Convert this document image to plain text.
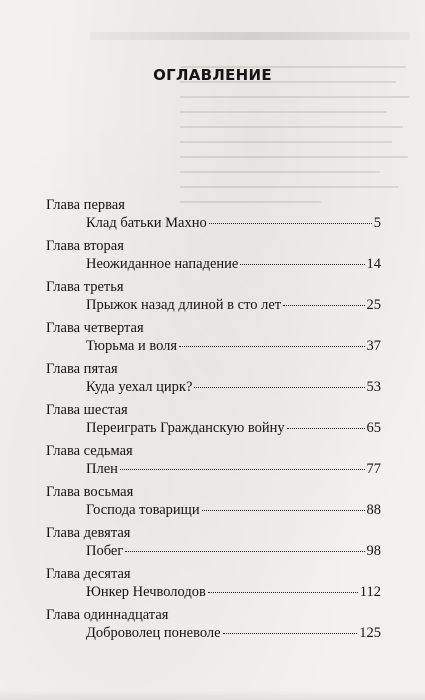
ОГЛАВЛЕНИЕ
Глава первая
Клад батьки Махно	5
Глава вторая
Неожиданное нападение	14
Глава третья
Прыжок назад длиной в сто лет	25
Глава четвертая
Тюрьма и воля	37
Глава пятая
Куда уехал цирк?	53
Глава шестая
Переиграть Гражданскую войну	65
Глава седьмая
Плен	77
Глава восьмая
Господа товарищи	88
Глава девятая
Побег	98
Глава десятая
Юнкер Нечволодов	112
Глава одиннадцатая
Доброволец поневоле	125
